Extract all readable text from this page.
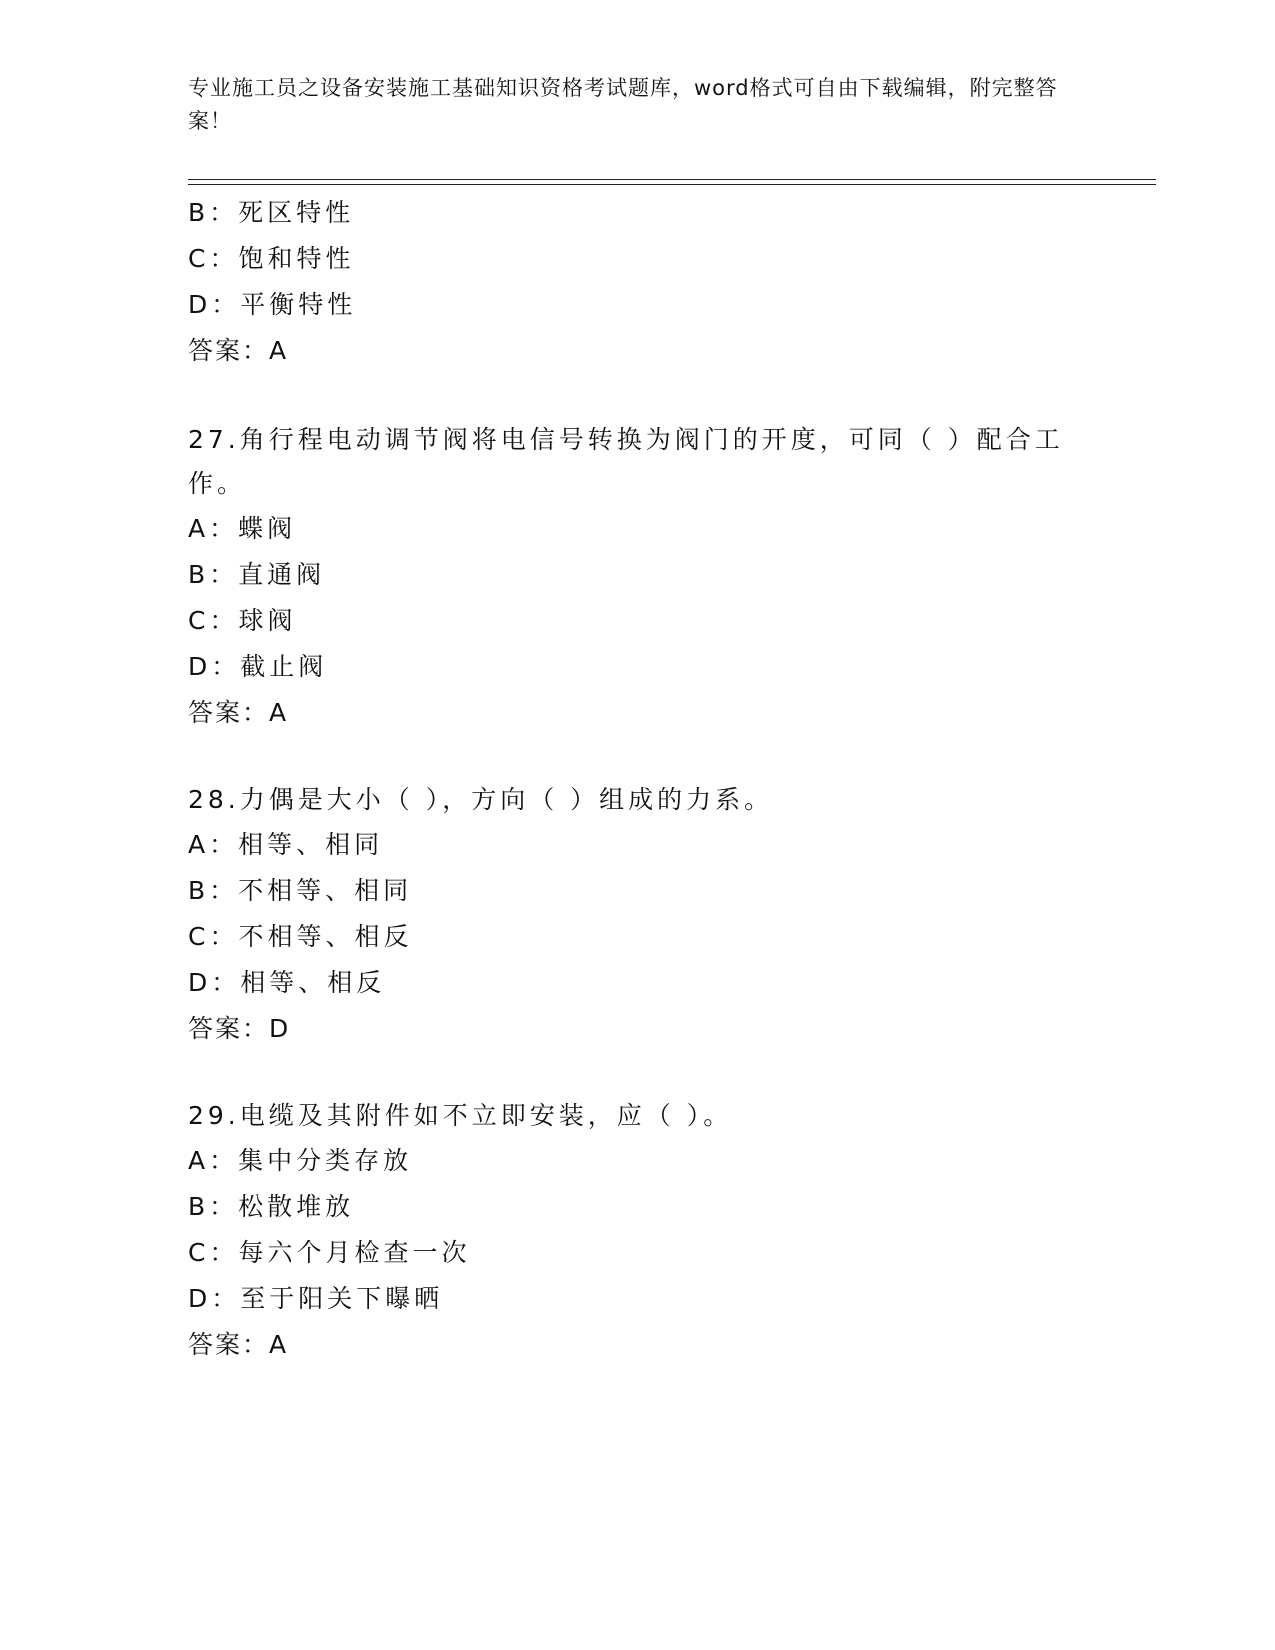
专业施工员之设备安装施工基础知识资格考试题库，word格式可自由下载编辑，附完整答案！
B：死区特性
C：饱和特性
D：平衡特性
答案：A
27.角行程电动调节阀将电信号转换为阀门的开度，可同（ ）配合工作。
A：蝶阀
B：直通阀
C：球阀
D：截止阀
答案：A
28.力偶是大小（ ），方向（ ）组成的力系。
A：相等、相同
B：不相等、相同
C：不相等、相反
D：相等、相反
答案：D
29.电缆及其附件如不立即安装，应（ ）。
A：集中分类存放
B：松散堆放
C：每六个月检查一次
D：至于阳关下曝晒
答案：A
